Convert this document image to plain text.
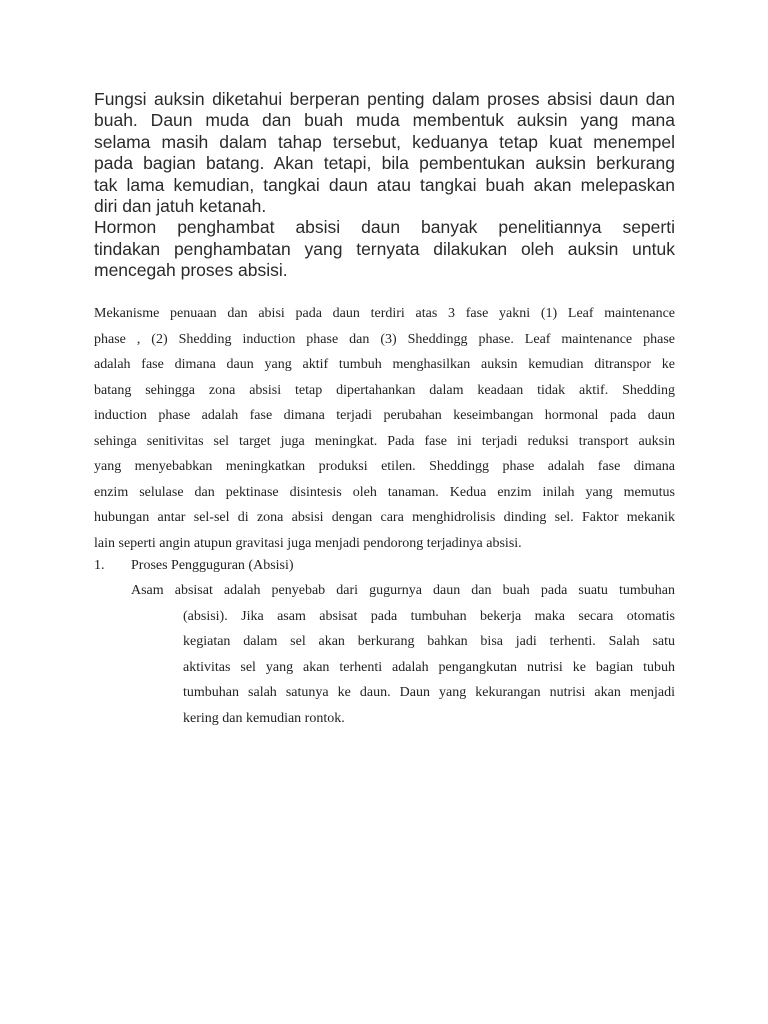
Fungsi auksin diketahui berperan penting dalam proses absisi daun dan
buah. Daun muda dan buah muda membentuk auksin yang mana
selama masih dalam tahap tersebut, keduanya tetap kuat menempel
pada bagian batang. Akan tetapi, bila pembentukan auksin berkurang
tak lama kemudian, tangkai daun atau tangkai buah akan melepaskan
diri dan jatuh ketanah.
Hormon penghambat absisi daun banyak penelitiannya seperti
tindakan penghambatan yang ternyata dilakukan oleh auksin untuk
mencegah proses absisi.
Mekanisme penuaan dan abisi pada daun terdiri atas 3 fase yakni (1) Leaf maintenance
phase , (2) Shedding induction phase dan (3) Sheddingg phase. Leaf maintenance phase
adalah fase dimana daun yang aktif tumbuh menghasilkan auksin kemudian ditranspor ke
batang sehingga zona absisi tetap dipertahankan dalam keadaan tidak aktif. Shedding
induction phase adalah fase dimana terjadi perubahan keseimbangan hormonal pada daun
sehinga senitivitas sel target juga meningkat. Pada fase ini terjadi reduksi transport auksin
yang menyebabkan meningkatkan produksi etilen. Sheddingg phase adalah fase dimana
enzim selulase dan pektinase disintesis oleh tanaman. Kedua enzim inilah yang memutus
hubungan antar sel-sel di zona absisi dengan cara menghidrolisis dinding sel. Faktor mekanik
lain seperti angin atupun gravitasi juga menjadi pendorong terjadinya absisi.
1. Proses Pengguguran (Absisi)
Asam absisat adalah penyebab dari gugurnya daun dan buah pada suatu tumbuhan
(absisi). Jika asam absisat pada tumbuhan bekerja maka secara otomatis
kegiatan dalam sel akan berkurang bahkan bisa jadi terhenti. Salah satu
aktivitas sel yang akan terhenti adalah pengangkutan nutrisi ke bagian tubuh
tumbuhan salah satunya ke daun. Daun yang kekurangan nutrisi akan menjadi
kering dan kemudian rontok.
